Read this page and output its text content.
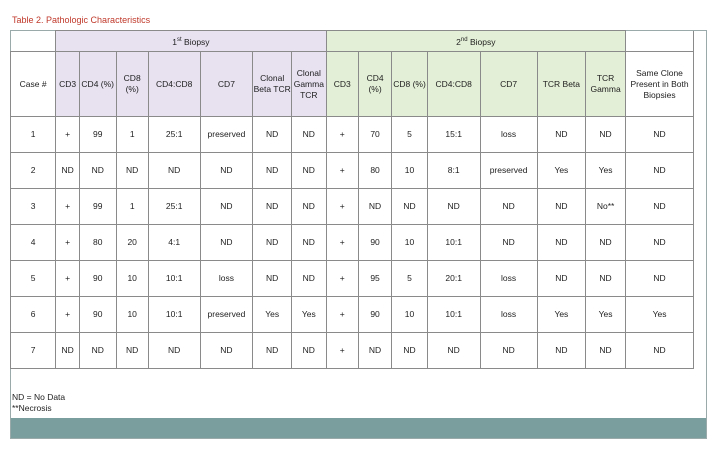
Table 2. Pathologic Characteristics
	1st Biopsy							2nd Biopsy							
Case #	CD3	CD4 (%)	CD8 (%)	CD4:CD8	CD7	Clonal Beta TCR	Clonal Gamma TCR	CD3	CD4 (%)	CD8 (%)	CD4:CD8	CD7	TCR Beta	TCR Gamma	Same Clone Present in Both Biopsies
1	+	99	1	25:1	preserved	ND	ND	+	70	5	15:1	loss	ND	ND	ND
2	ND	ND	ND	ND	ND	ND	ND	+	80	10	8:1	preserved	Yes	Yes	ND
3	+	99	1	25:1	ND	ND	ND	+	ND	ND	ND	ND	ND	No**	ND
4	+	80	20	4:1	ND	ND	ND	+	90	10	10:1	ND	ND	ND	ND
5	+	90	10	10:1	loss	ND	ND	+	95	5	20:1	loss	ND	ND	ND
6	+	90	10	10:1	preserved	Yes	Yes	+	90	10	10:1	loss	Yes	Yes	Yes
7	ND	ND	ND	ND	ND	ND	ND	+	ND	ND	ND	ND	ND	ND	ND
ND = No Data
**Necrosis
